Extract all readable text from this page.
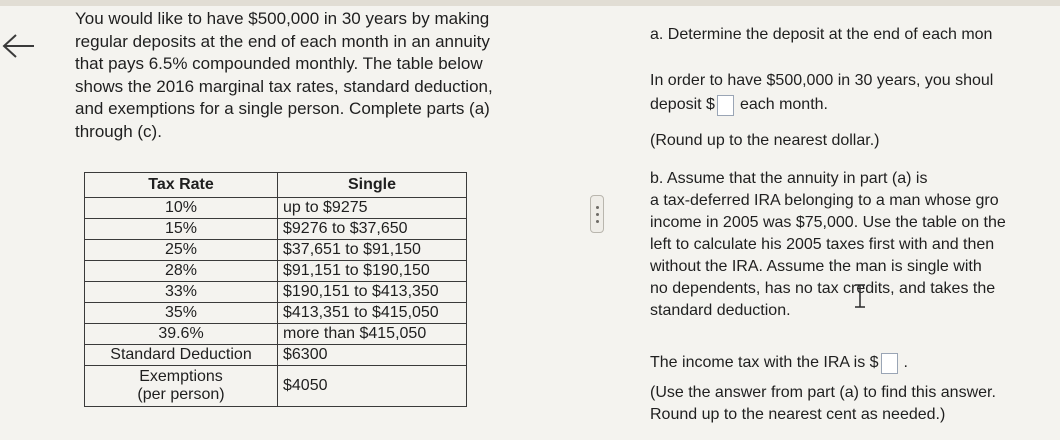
You would like to have $500,000 in 30 years by making
regular deposits at the end of each month in an annuity
that pays 6.5% compounded monthly. The table below
shows the 2016 marginal tax rates, standard deduction,
and exemptions for a single person. Complete parts (a)
through (c).
Tax Rate	Single
10%	up to $9275
15%	$9276 to $37,650
25%	$37,651 to $91,150
28%	$91,151 to $190,150
33%	$190,151 to $413,350
35%	$413,351 to $415,050
39.6%	more than $415,050
Standard Deduction	$6300

Exemptions
(per person)	$4050
a. Determine the deposit at the end of each mon
In order to have $500,000 in 30 years, you shoul
deposit $ each month.
(Round up to the nearest dollar.)
b. Assume that the annuity in part (a) is
a tax-deferred IRA belonging to a man whose gro
income in 2005 was $75,000. Use the table on the
left to calculate his 2005 taxes first with and then
without the IRA. Assume the man is single with
no dependents, has no tax credits, and takes the
standard deduction.
The income tax with the IRA is $ .
(Use the answer from part (a) to find this answer.
Round up to the nearest cent as needed.)
